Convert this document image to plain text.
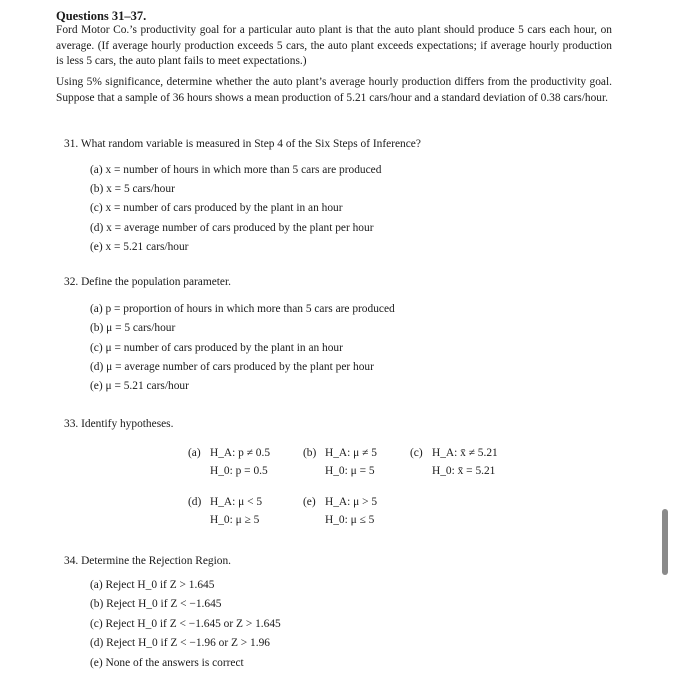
Questions 31–37.
Ford Motor Co.’s productivity goal for a particular auto plant is that the auto plant should produce 5 cars each hour, on average. (If average hourly production exceeds 5 cars, the auto plant exceeds expectations; if average hourly production is less 5 cars, the auto plant fails to meet expectations.)
Using 5% significance, determine whether the auto plant’s average hourly production differs from the productivity goal. Suppose that a sample of 36 hours shows a mean production of 5.21 cars/hour and a standard deviation of 0.38 cars/hour.
31. What random variable is measured in Step 4 of the Six Steps of Inference?
(a) x = number of hours in which more than 5 cars are produced
(b) x = 5 cars/hour
(c) x = number of cars produced by the plant in an hour
(d) x = average number of cars produced by the plant per hour
(e) x = 5.21 cars/hour
32. Define the population parameter.
(a) p = proportion of hours in which more than 5 cars are produced
(b) μ = 5 cars/hour
(c) μ = number of cars produced by the plant in an hour
(d) μ = average number of cars produced by the plant per hour
(e) μ = 5.21 cars/hour
33. Identify hypotheses.
(a) H_A: p ≠ 0.5
H_0: p = 0.5
(b) H_A: μ ≠ 5
H_0: μ = 5
(c) H_A: x̄ ≠ 5.21
H_0: x̄ = 5.21
(d) H_A: μ < 5
H_0: μ ≥ 5
(e) H_A: μ > 5
H_0: μ ≤ 5
34. Determine the Rejection Region.
(a) Reject H_0 if Z > 1.645
(b) Reject H_0 if Z < −1.645
(c) Reject H_0 if Z < −1.645 or Z > 1.645
(d) Reject H_0 if Z < −1.96 or Z > 1.96
(e) None of the answers is correct
